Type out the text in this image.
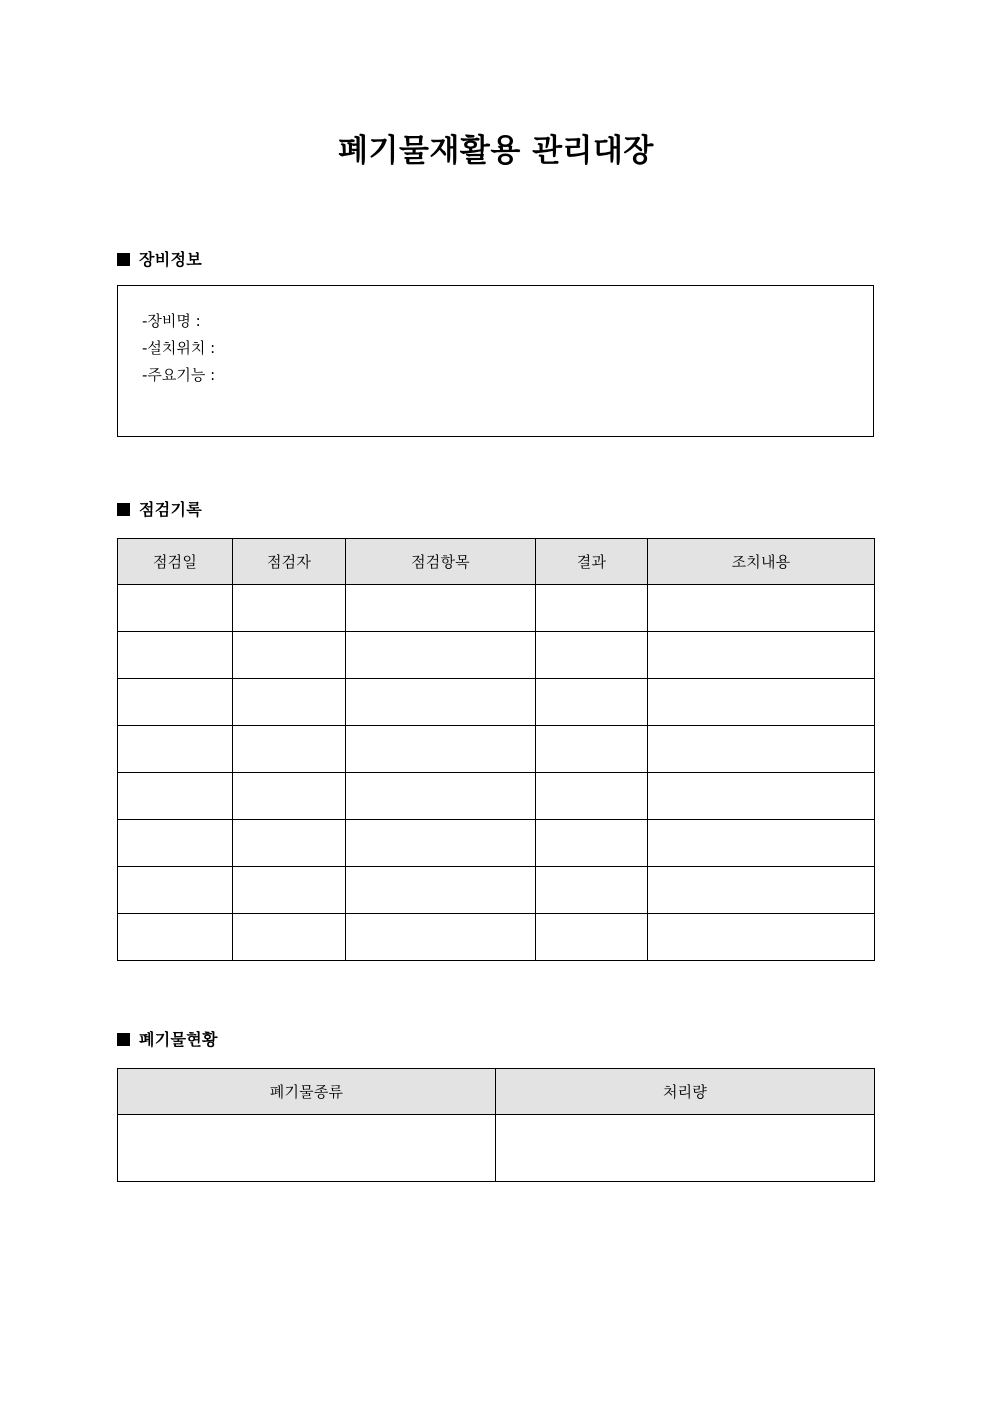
폐기물재활용 관리대장
장비정보
-장비명 :
-설치위치 :
-주요기능 :
점검기록
점검일	점검자	점검항목	결과	조치내용

폐기물현황
폐기물종류	처리량
